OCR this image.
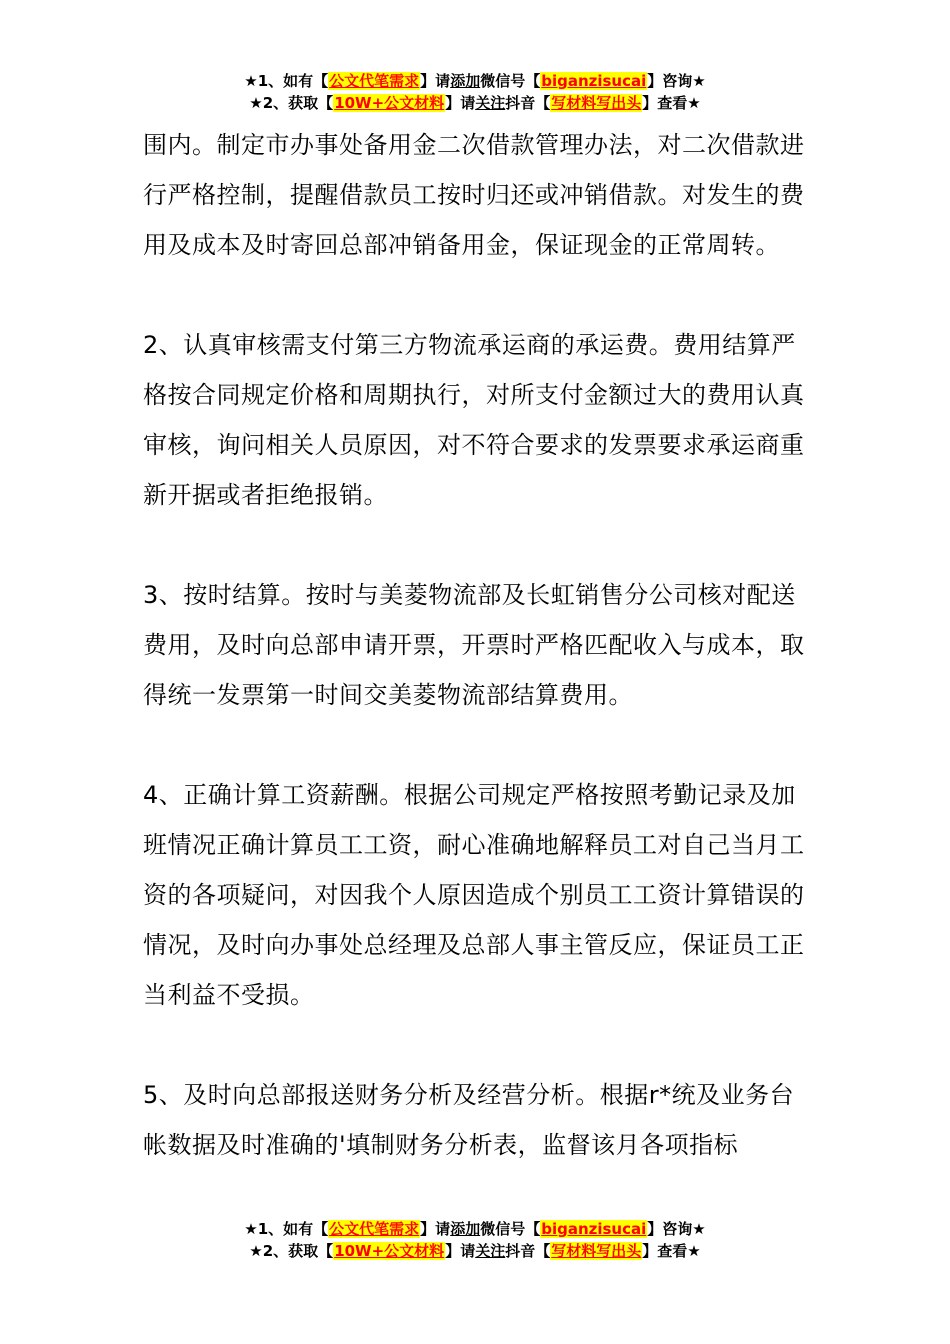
★1、如有【公文代笔需求】请添加微信号【biganzisucai】咨询★
★2、获取【10W+公文材料】请关注抖音【写材料写出头】查看★

围内。制定市办事处备用金二次借款管理办法，对二次借款进行严格控制，提醒借款员工按时归还或冲销借款。对发生的费用及成本及时寄回总部冲销备用金，保证现金的正常周转。

2、认真审核需支付第三方物流承运商的承运费。费用结算严格按合同规定价格和周期执行，对所支付金额过大的费用认真审核，询问相关人员原因，对不符合要求的发票要求承运商重新开据或者拒绝报销。

3、按时结算。按时与美菱物流部及长虹销售分公司核对配送费用，及时向总部申请开票，开票时严格匹配收入与成本，取得统一发票第一时间交美菱物流部结算费用。

4、正确计算工资薪酬。根据公司规定严格按照考勤记录及加班情况正确计算员工工资，耐心准确地解释员工对自己当月工资的各项疑问，对因我个人原因造成个别员工工资计算错误的情况，及时向办事处总经理及总部人事主管反应，保证员工正当利益不受损。

5、及时向总部报送财务分析及经营分析。根据r*统及业务台帐数据及时准确的'填制财务分析表，监督该月各项指标

★1、如有【公文代笔需求】请添加微信号【biganzisucai】咨询★
★2、获取【10W+公文材料】请关注抖音【写材料写出头】查看★
